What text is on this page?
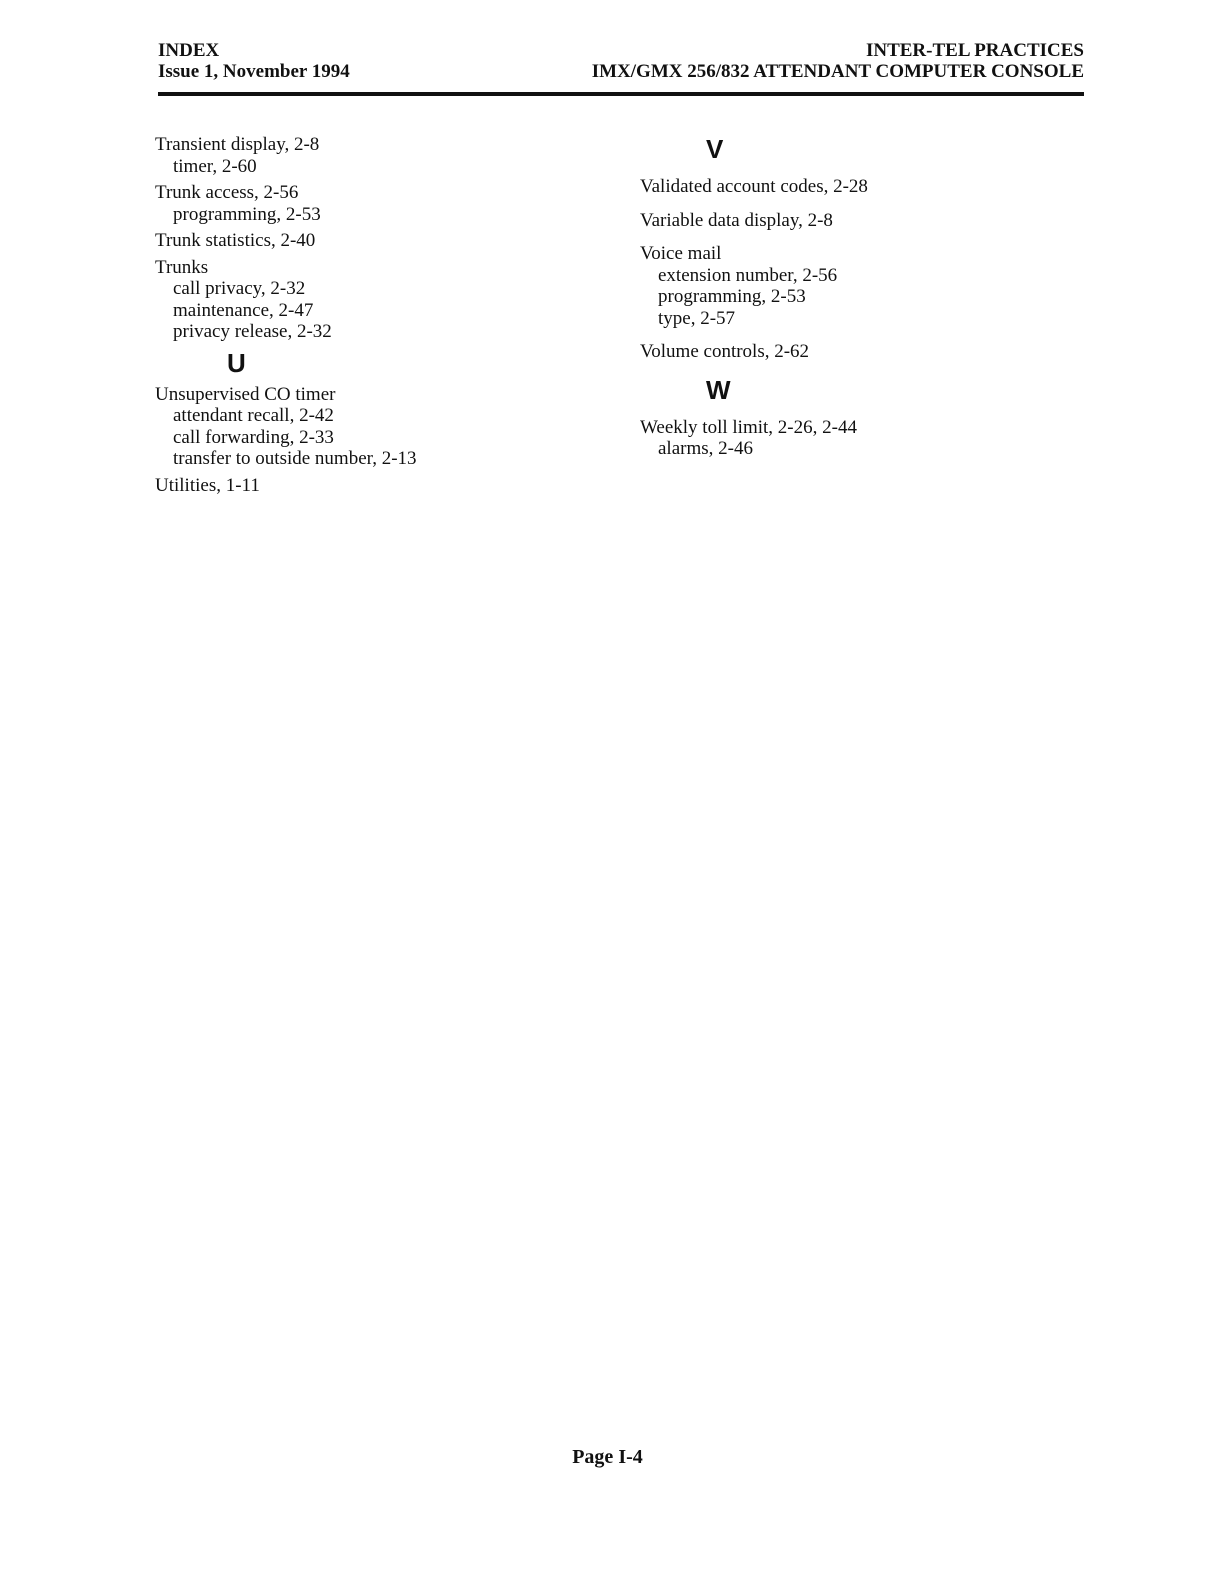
INDEX
Issue 1, November 1994
INTER-TEL PRACTICES
IMX/GMX 256/832 ATTENDANT COMPUTER CONSOLE
Transient display, 2-8
timer, 2-60
Trunk access, 2-56
programming, 2-53
Trunk statistics, 2-40
Trunks
call privacy, 2-32
maintenance, 2-47
privacy release, 2-32
U
Unsupervised CO timer
attendant recall, 2-42
call forwarding, 2-33
transfer to outside number, 2-13
Utilities, 1-11
V
Validated account codes, 2-28
Variable data display, 2-8
Voice mail
extension number, 2-56
programming, 2-53
type, 2-57
Volume controls, 2-62
W
Weekly toll limit, 2-26, 2-44
alarms, 2-46
Page I-4
